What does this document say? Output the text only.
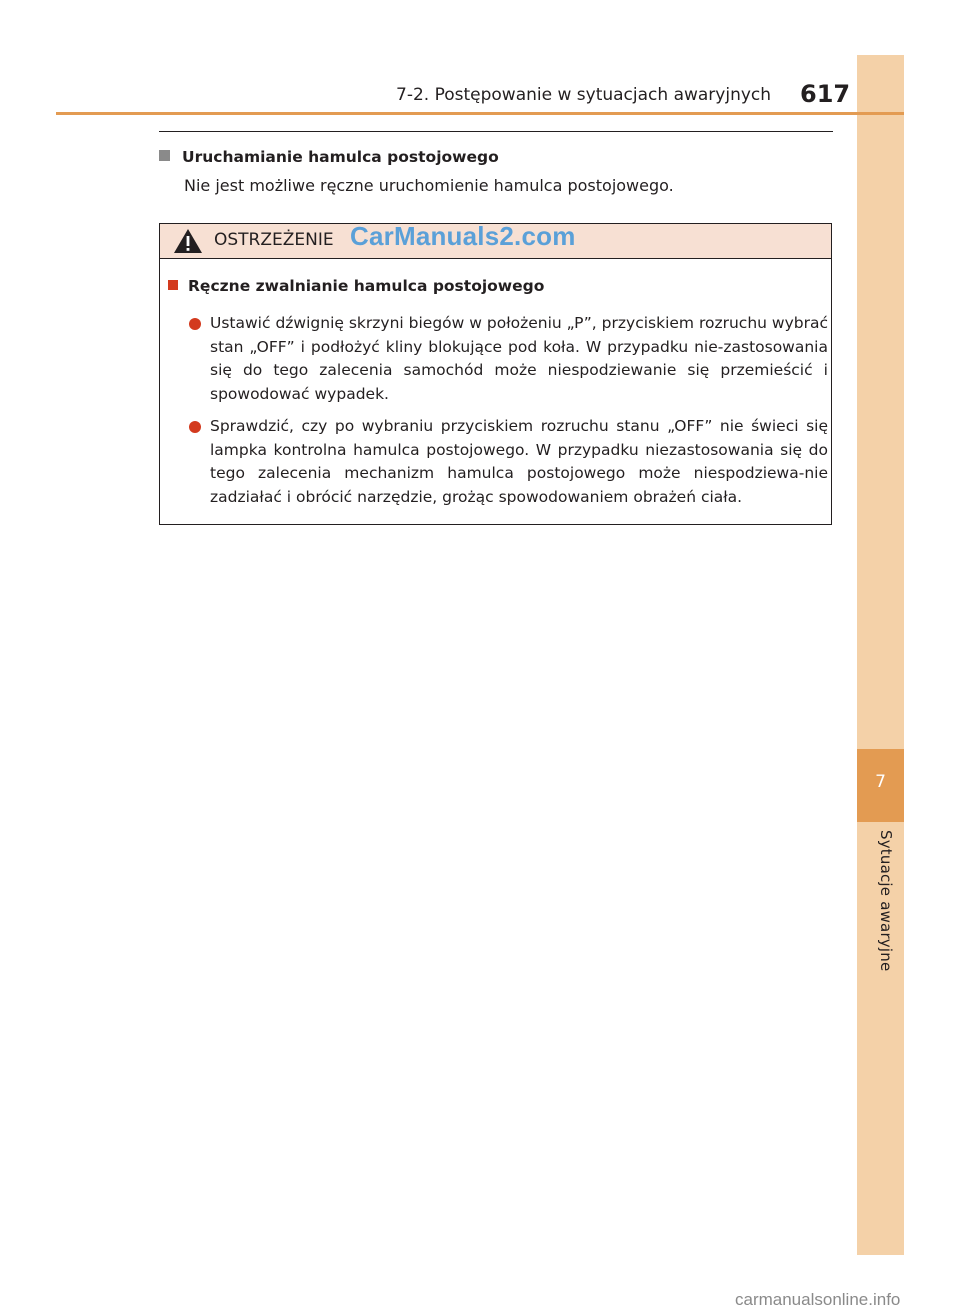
7
Sytuacje awaryjne
7-2. Postępowanie w sytuacjach awaryjnych 617
Uruchamianie hamulca postojowego
Nie jest możliwe ręczne uruchomienie hamulca postojowego.
OSTRZEŻENIE CarManuals2.com
Ręczne zwalnianie hamulca postojowego
Ustawić dźwignię skrzyni biegów w położeniu „P”, przyciskiem rozruchu wybrać stan „OFF” i podłożyć kliny blokujące pod koła. W przypadku nie-zastosowania się do tego zalecenia samochód może niespodziewanie się przemieścić i spowodować wypadek.
Sprawdzić, czy po wybraniu przyciskiem rozruchu stanu „OFF” nie świeci się lampka kontrolna hamulca postojowego. W przypadku niezastosowania się do tego zalecenia mechanizm hamulca postojowego może niespodziewa-nie zadziałać i obrócić narzędzie, grożąc spowodowaniem obrażeń ciała.
carmanualsonline.info
